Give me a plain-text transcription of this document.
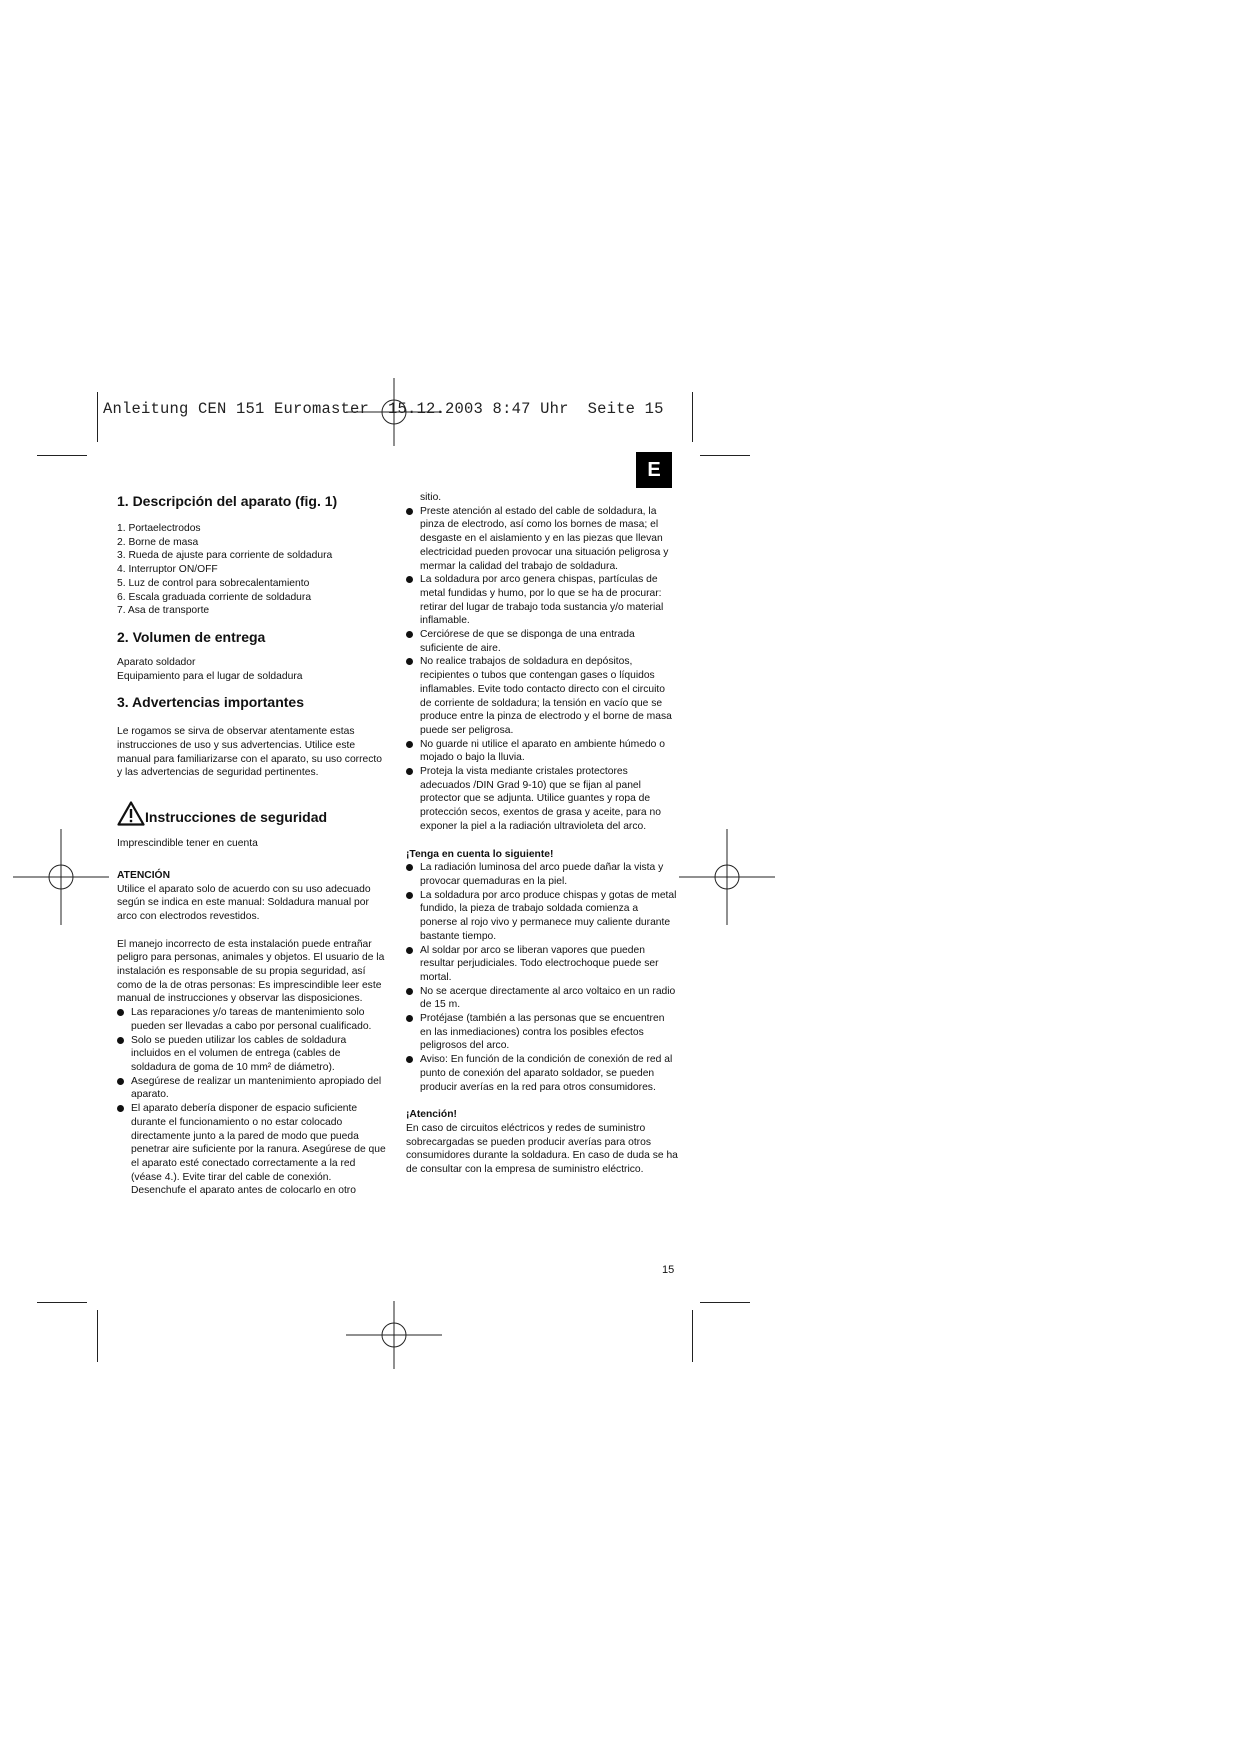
Anleitung CEN 151 Euromaster  15.12.2003 8:47 Uhr  Seite 15
E
1. Descripción del aparato (fig. 1)
1. Portaelectrodos
2. Borne de masa
3. Rueda de ajuste para corriente de soldadura
4. Interruptor ON/OFF
5. Luz de control para sobrecalentamiento
6. Escala graduada corriente de soldadura
7. Asa de transporte
2. Volumen de entrega

Aparato soldador

Equipamiento para el lugar de soldadura

3. Advertencias importantes

Le rogamos se sirva de observar atentamente estas instrucciones de uso y sus advertencias. Utilice este manual para familiarizarse con el aparato, su uso correcto y las advertencias de seguridad pertinentes.

Instrucciones de seguridad

Imprescindible tener en cuenta

ATENCIÓN

Utilice el aparato solo de acuerdo con su uso adecuado según se indica en este manual: Soldadura manual por arco con electrodos revestidos.

El manejo incorrecto de esta instalación puede entrañar peligro para personas, animales y objetos. El usuario de la instalación es responsable de su propia seguridad, así como de la de otras personas: Es imprescindible leer este manual de instrucciones y observar las disposiciones.

Las reparaciones y/o tareas de mantenimiento solo pueden ser llevadas a cabo por personal cualificado.
Solo se pueden utilizar los cables de soldadura incluidos en el volumen de entrega (cables de soldadura de goma de 10 mm² de diámetro).
Asegúrese de realizar un mantenimiento apropiado del aparato.
El aparato debería disponer de espacio suficiente durante el funcionamiento o no estar colocado directamente junto a la pared de modo que pueda penetrar aire suficiente por la ranura. Asegúrese de que el aparato esté conectado correctamente a la red (véase 4.). Evite tirar del cable de conexión. Desenchufe el aparato antes de colocarlo en otro

sitio.

Preste atención al estado del cable de soldadura, la pinza de electrodo, así como los bornes de masa; el desgaste en el aislamiento y en las piezas que llevan electricidad pueden provocar una situación peligrosa y mermar la calidad del trabajo de soldadura.
La soldadura por arco genera chispas, partículas de metal fundidas y humo, por lo que se ha de procurar: retirar del lugar de trabajo toda sustancia y/o material inflamable.
Cerciórese de que se disponga de una entrada suficiente de aire.
No realice trabajos de soldadura en depósitos, recipientes o tubos que contengan gases o líquidos inflamables. Evite todo contacto directo con el circuito de corriente de soldadura; la tensión en vacío que se produce entre la pinza de electrodo y el borne de masa puede ser peligrosa.
No guarde ni utilice el aparato en ambiente húmedo o mojado o bajo la lluvia.
Proteja la vista mediante cristales protectores adecuados /DIN Grad 9-10) que se fijan al panel protector que se adjunta. Utilice guantes y ropa de protección secos, exentos de grasa y aceite, para no exponer la piel a la radiación ultravioleta del arco.
¡Tenga en cuenta lo siguiente!
La radiación luminosa del arco puede dañar la vista y provocar quemaduras en la piel.
La soldadura por arco produce chispas y gotas de metal fundido, la pieza de trabajo soldada comienza a ponerse al rojo vivo y permanece muy caliente durante bastante tiempo.
Al soldar por arco se liberan vapores que pueden resultar perjudiciales. Todo electrochoque puede ser mortal.
No se acerque directamente al arco voltaico en un radio de 15 m.
Protéjase (también a las personas que se encuentren en las inmediaciones) contra los posibles efectos peligrosos del arco.
Aviso: En función de la condición de conexión de red al punto de conexión del aparato soldador, se pueden producir averías en la red para otros consumidores.
¡Atención!

En caso de circuitos eléctricos y redes de suministro sobrecargadas se pueden producir averías para otros consumidores durante la soldadura. En caso de duda se ha de consultar con la empresa de suministro eléctrico.

15
